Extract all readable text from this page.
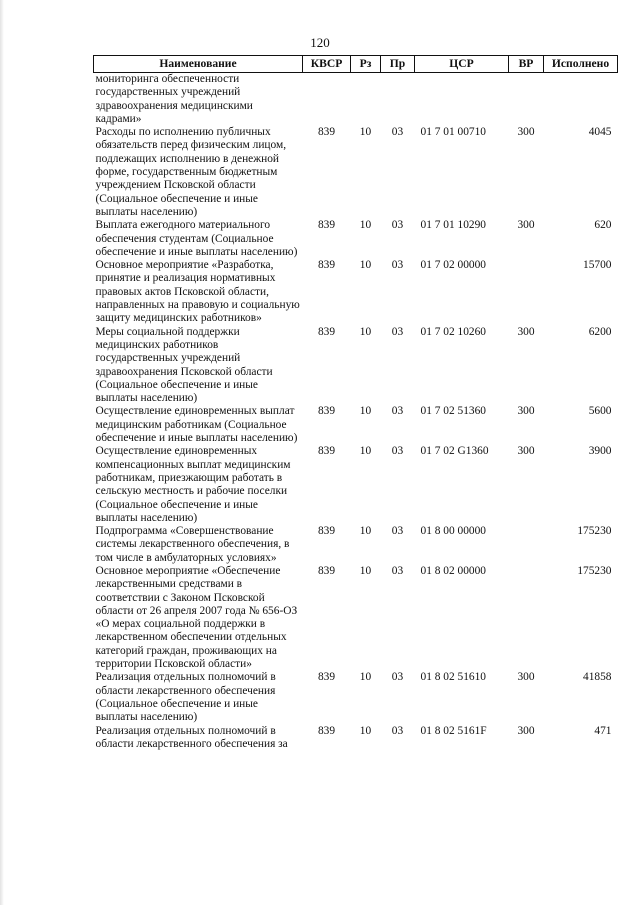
120
Наименование	КВСР	Рз	Пр	ЦСР	ВР	Исполнено
мониторинга обеспеченности государственных учреждений здравоохранения медицинскими кадрами»						
Расходы по исполнению публичных обязательств перед физическим лицом, подлежащих исполнению в денежной форме, государственным бюджетным учреждением Псковской области (Социальное обеспечение и иные выплаты населению)	839	10	03	01 7 01 00710	300	4045
Выплата ежегодного материального обеспечения студентам (Социальное обеспечение и иные выплаты населению)	839	10	03	01 7 01 10290	300	620
Основное мероприятие «Разработка, принятие и реализация нормативных правовых актов Псковской области, направленных на правовую и социальную защиту медицинских работников»	839	10	03	01 7 02 00000		15700
Меры социальной поддержки медицинских работников государственных учреждений здравоохранения Псковской области (Социальное обеспечение и иные выплаты населению)	839	10	03	01 7 02 10260	300	6200
Осуществление единовременных выплат медицинским работникам (Социальное обеспечение и иные выплаты населению)	839	10	03	01 7 02 51360	300	5600
Осуществление единовременных компенсационных выплат медицинским работникам, приезжающим работать в сельскую местность и рабочие поселки (Социальное обеспечение и иные выплаты населению)	839	10	03	01 7 02 G1360	300	3900
Подпрограмма «Совершенствование системы лекарственного обеспечения, в том числе в амбулаторных условиях»	839	10	03	01 8 00 00000		175230
Основное мероприятие «Обеспечение лекарственными средствами в соответствии с Законом Псковской области от 26 апреля 2007 года № 656-ОЗ «О мерах социальной поддержки в лекарственном обеспечении отдельных категорий граждан, проживающих на территории Псковской области»	839	10	03	01 8 02 00000		175230
Реализация отдельных полномочий в области лекарственного обеспечения (Социальное обеспечение и иные выплаты населению)	839	10	03	01 8 02 51610	300	41858
Реализация отдельных полномочий в области лекарственного обеспечения за	839	10	03	01 8 02 5161F	300	471
